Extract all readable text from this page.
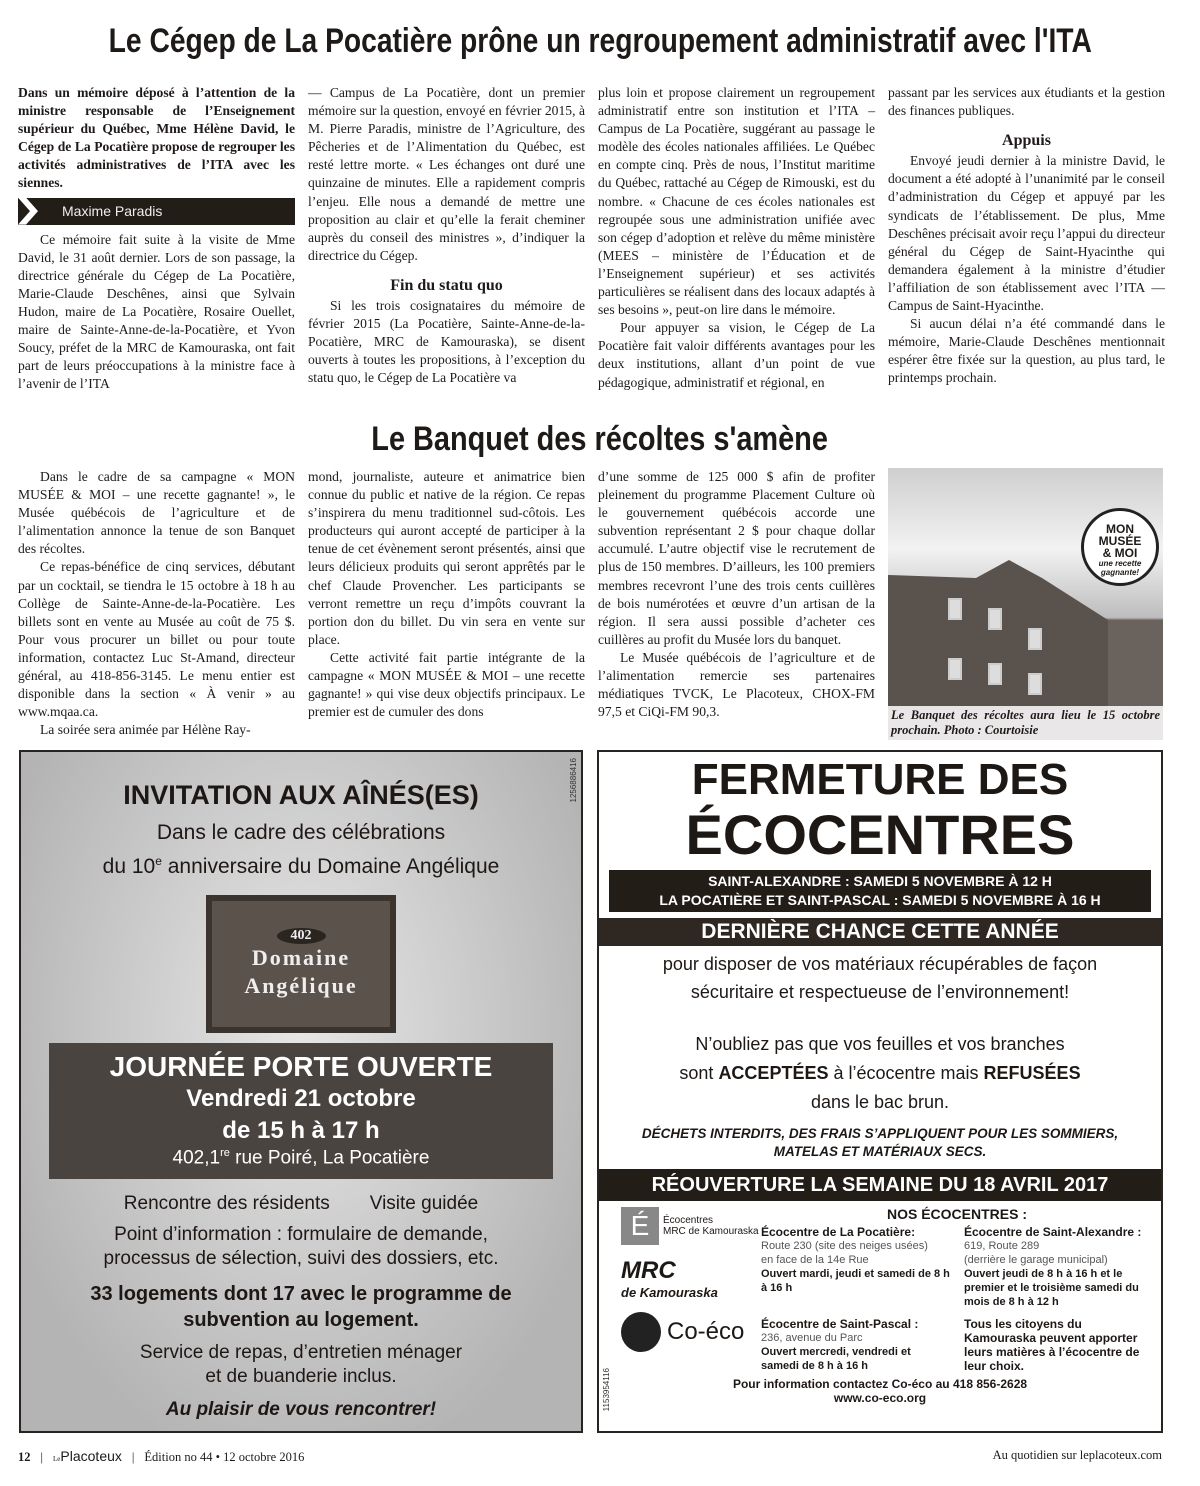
Le Cégep de La Pocatière prône un regroupement administratif avec l'ITA

Dans un mémoire déposé à l’attention de la ministre responsable de l’Enseignement supérieur du Québec, Mme Hélène David, le Cégep de La Pocatière propose de regrouper les activités administratives de l’ITA avec les siennes.

Maxime Paradis

Ce mémoire fait suite à la visite de Mme David, le 31 août dernier. Lors de son passage, la directrice générale du Cégep de La Pocatière, Marie-Claude Deschênes, ainsi que Sylvain Hudon, maire de La Pocatière, Rosaire Ouellet, maire de Sainte-Anne-de-la-Pocatière, et Yvon Soucy, préfet de la MRC de Kamouraska, ont fait part de leurs préoccupations à la ministre face à l’avenir de l’ITA

— Campus de La Pocatière, dont un premier mémoire sur la question, envoyé en février 2015, à M. Pierre Paradis, ministre de l’Agriculture, des Pêcheries et de l’Alimentation du Québec, est resté lettre morte. « Les échanges ont duré une quinzaine de minutes. Elle a rapidement compris l’enjeu. Elle nous a demandé de mettre une proposition au clair et qu’elle la ferait cheminer auprès du conseil des ministres », d’indiquer la directrice du Cégep.

Fin du statu quo

Si les trois cosignataires du mémoire de février 2015 (La Pocatière, Sainte-Anne-de-la-Pocatière, MRC de Kamouraska), se disent ouverts à toutes les propositions, à l’exception du statu quo, le Cégep de La Pocatière va

plus loin et propose clairement un regroupement administratif entre son institution et l’ITA – Campus de La Pocatière, suggérant au passage le modèle des écoles nationales affiliées. Le Québec en compte cinq. Près de nous, l’Institut maritime du Québec, rattaché au Cégep de Rimouski, est du nombre. « Chacune de ces écoles nationales est regroupée sous une administration unifiée avec son cégep d’adoption et relève du même ministère (MEES – ministère de l’Éducation et de l’Enseignement supérieur) et ses activités particulières se réalisent dans des locaux adaptés à ses besoins », peut-on lire dans le mémoire.

Pour appuyer sa vision, le Cégep de La Pocatière fait valoir différents avantages pour les deux institutions, allant d’un point de vue pédagogique, administratif et régional, en

passant par les services aux étudiants et la gestion des finances publiques.

Appuis

Envoyé jeudi dernier à la ministre David, le document a été adopté à l’unanimité par le conseil d’administration du Cégep et appuyé par les syndicats de l’établissement. De plus, Mme Deschênes précisait avoir reçu l’appui du directeur général du Cégep de Saint-Hyacinthe qui demandera également à la ministre d’étudier l’affiliation de son établissement avec l’ITA — Campus de Saint-Hyacinthe.

Si aucun délai n’a été commandé dans le mémoire, Marie-Claude Deschênes mentionnait espérer être fixée sur la question, au plus tard, le printemps prochain.

Le Banquet des récoltes s'amène

Dans le cadre de sa campagne « MON MUSÉE & MOI – une recette gagnante! », le Musée québécois de l’agriculture et de l’alimentation annonce la tenue de son Banquet des récoltes.

Ce repas-bénéfice de cinq services, débutant par un cocktail, se tiendra le 15 octobre à 18 h au Collège de Sainte-Anne-de-la-Pocatière. Les billets sont en vente au Musée au coût de 75 $. Pour vous procurer un billet ou pour toute information, contactez Luc St-Amand, directeur général, au 418-856-3145. Le menu entier est disponible dans la section « À venir » au www.mqaa.ca.

La soirée sera animée par Hélène Ray-

mond, journaliste, auteure et animatrice bien connue du public et native de la région. Ce repas s’inspirera du menu traditionnel sud-côtois. Les producteurs qui auront accepté de participer à la tenue de cet évènement seront présentés, ainsi que leurs délicieux produits qui seront apprêtés par le chef Claude Provencher. Les participants se verront remettre un reçu d’impôts couvrant la portion don du billet. Du vin sera en vente sur place.

Cette activité fait partie intégrante de la campagne « MON MUSÉE & MOI – une recette gagnante! » qui vise deux objectifs principaux. Le premier est de cumuler des dons

d’une somme de 125 000 $ afin de profiter pleinement du programme Placement Culture où le gouvernement québécois accorde une subvention représentant 2 $ pour chaque dollar accumulé. L’autre objectif vise le recrutement de plus de 150 membres. D’ailleurs, les 100 premiers membres recevront l’une des trois cents cuillères de bois numérotées et œuvre d’un artisan de la région. Il sera aussi possible d’acheter ces cuillères au profit du Musée lors du banquet.

Le Musée québécois de l’agriculture et de l’alimentation remercie ses partenaires médiatiques TVCK, Le Placoteux, CHOX-FM 97,5 et CiQi-FM 90,3.

MON
MUSÉE
& MOI
une recette gagnante!
Le Banquet des récoltes aura lieu le 15 octobre prochain. Photo : Courtoisie
1256886416
INVITATION AUX AÎNÉS(ES)
Dans le cadre des célébrations
du 10e anniversaire du Domaine Angélique
402
Domaine
Angélique
JOURNÉE PORTE OUVERTE
Vendredi 21 octobre
de 15 h à 17 h
402,1re rue Poiré, La Pocatière
Rencontre des résidents Visite guidée
Point d’information : formulaire de demande, processus de sélection, suivi des dossiers, etc.
33 logements dont 17 avec le programme de subvention au logement.
Service de repas, d’entretien ménager et de buanderie inclus.
Au plaisir de vous rencontrer!	1153954116
FERMETURE DES
ÉCOCENTRES
SAINT-ALEXANDRE : SAMEDI 5 NOVEMBRE À 12 H
LA POCATIÈRE ET SAINT-PASCAL : SAMEDI 5 NOVEMBRE À 16 H
DERNIÈRE CHANCE CETTE ANNÉE
pour disposer de vos matériaux récupérables de façon sécuritaire et respectueuse de l’environnement!
N’oubliez pas que vos feuilles et vos branches sont ACCEPTÉES à l’écocentre mais REFUSÉES dans le bac brun.
DÉCHETS INTERDITS, DES FRAIS S’APPLIQUENT POUR LES SOMMIERS, MATELAS ET MATÉRIAUX SECS.
RÉOUVERTURE LA SEMAINE DU 18 AVRIL 2017
É	Écocentres
MRC de Kamouraska
MRC
de Kamouraska
Co-éco
NOS ÉCOCENTRES :
Écocentre de La Pocatière:
Route 230 (site des neiges usées)
en face de la 14e Rue
Ouvert mardi, jeudi et samedi de 8 h à 16 h
Écocentre de Saint-Alexandre :
619, Route 289
(derrière le garage municipal)
Ouvert jeudi de 8 h à 16 h et le premier et le troisième samedi du mois de 8 h à 12 h
Écocentre de Saint-Pascal :
236, avenue du Parc
Ouvert mercredi, vendredi et samedi de 8 h à 16 h
Tous les citoyens du Kamouraska peuvent apporter leurs matières à l’écocentre de leur choix.
Pour information contactez Co-éco au 418 856-2628
www.co-eco.org
12 | LePlacoteux | Édition no 44 • 12 octobre 2016	Au quotidien sur leplacoteux.com
